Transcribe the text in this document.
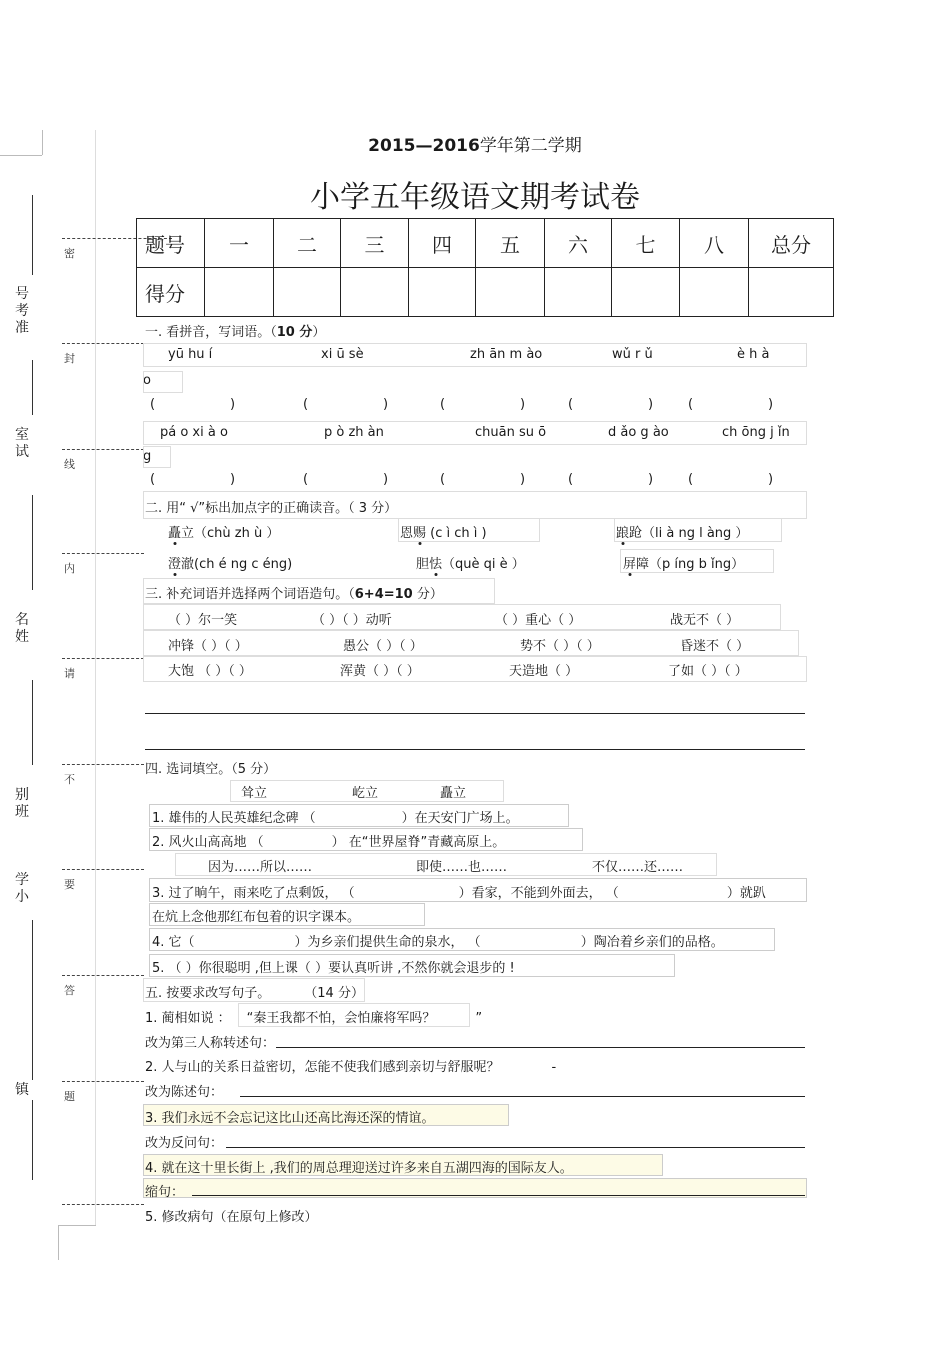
号考准
室试
名姓
别班
学小
镇
密
封
线
内
请
不
要
答
题
2015—2016学年第二学期
小学五年级语文期考试卷
题号	一	二	三	四	五	六	七	八	总分
得分									
一. 看拼音，写词语。（10 分）
yū hu í	xi ū sè	zh ān m ào	wǔ r ǔ	è h à
o
(	)	(	)	(	)	(	)	(	)
pá o xi à o	p ò zh àn	chuān su ō	d ǎo g ào	ch ōng j ǐn
g
(	)	(	)	(	)	(	)	(	)
二. 用“ √”标出加点字的正确读音。（ 3 分）
矗立（chù zh ù ）	恩赐 (c ì ch ì )	踉跄（li à ng l àng ）
澄澈(ch é ng c éng)	胆怯（què qi è ）	屏障（p íng b ǐng）
三. 补充词语并选择两个词语造句。（6+4=10 分）
（ ）尔一笑	（ ）（ ）动听	（ ）重心（ ）	战无不（ ）
冲锋（ ）（ ）	愚公（ ）（ ）	势不（ ）（ ）	昏迷不（ ）
大饱 （ ）（ ）	浑黄（ ）（ ）	天造地（ ）	了如（ ）（ ）
四. 选词填空。（5 分）
耸立	屹立	矗立
1. 雄伟的人民英雄纪念碑 （	）在天安门广场上。
2. 风火山高高地 （	） 在“世界屋脊”青藏高原上。
因为……所以……	即使……也……	不仅……还……
3. 过了晌午，雨来吃了点剩饭， （	）看家，不能到外面去， （	）就趴
在炕上念他那红布包着的识字课本。
4. 它（	）为乡亲们提供生命的泉水， （	）陶冶着乡亲们的品格。
5. （ ）你很聪明 ,但上课（ ）要认真听讲 ,不然你就会退步的 !
五. 按要求改写句子。	（14 分）
1. 蔺相如说 ： “秦王我都不怕，会怕廉将军吗？	”
改为第三人称转述句：
2. 人与山的关系日益密切，怎能不使我们感到亲切与舒服呢？	-
改为陈述句：
3. 我们永远不会忘记这比山还高比海还深的情谊。
改为反问句：
4. 就在这十里长街上 ,我们的周总理迎送过许多来自五湖四海的国际友人。
缩句：
5. 修改病句（在原句上修改）
